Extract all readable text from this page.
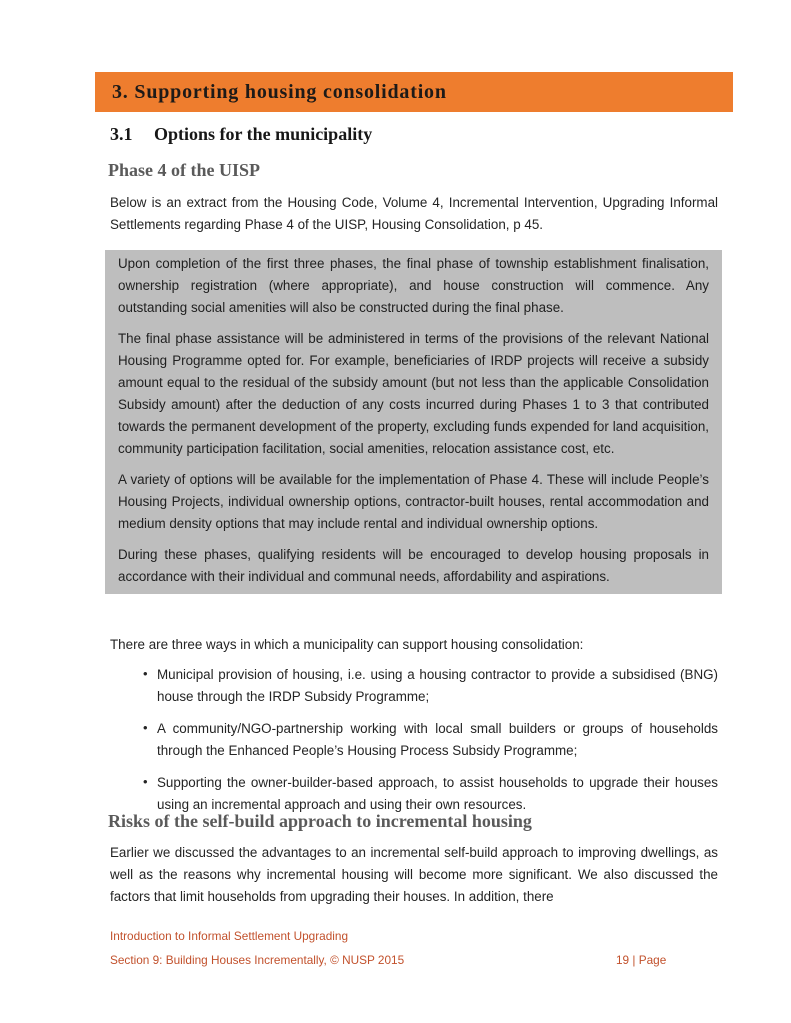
3. Supporting housing consolidation
3.1 Options for the municipality
Phase 4 of the UISP

Below is an extract from the Housing Code, Volume 4, Incremental Intervention, Upgrading Informal Settlements regarding Phase 4 of the UISP, Housing Consolidation, p 45.

Upon completion of the first three phases, the final phase of township establishment finalisation, ownership registration (where appropriate), and house construction will commence. Any outstanding social amenities will also be constructed during the final phase.

The final phase assistance will be administered in terms of the provisions of the relevant National Housing Programme opted for. For example, beneficiaries of IRDP projects will receive a subsidy amount equal to the residual of the subsidy amount (but not less than the applicable Consolidation Subsidy amount) after the deduction of any costs incurred during Phases 1 to 3 that contributed towards the permanent development of the property, excluding funds expended for land acquisition, community participation facilitation, social amenities, relocation assistance cost, etc.

A variety of options will be available for the implementation of Phase 4. These will include People’s Housing Projects, individual ownership options, contractor-built houses, rental accommodation and medium density options that may include rental and individual ownership options.

During these phases, qualifying residents will be encouraged to develop housing proposals in accordance with their individual and communal needs, affordability and aspirations.

There are three ways in which a municipality can support housing consolidation:

• Municipal provision of housing, i.e. using a housing contractor to provide a subsidised (BNG) house through the IRDP Subsidy Programme;
• A community/NGO-partnership working with local small builders or groups of households through the Enhanced People’s Housing Process Subsidy Programme;
• Supporting the owner-builder-based approach, to assist households to upgrade their houses using an incremental approach and using their own resources.
Risks of the self-build approach to incremental housing

Earlier we discussed the advantages to an incremental self-build approach to improving dwellings, as well as the reasons why incremental housing will become more significant. We also discussed the factors that limit households from upgrading their houses. In addition, there

Introduction to Informal Settlement Upgrading
Section 9: Building Houses Incrementally, © NUSP 2015	19 | Page
